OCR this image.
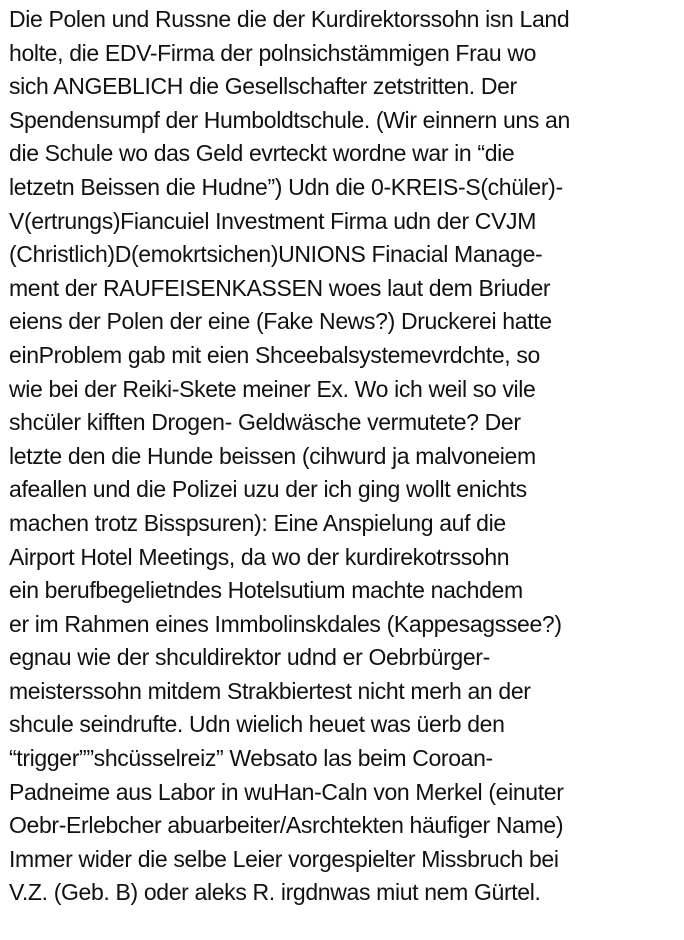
Die Polen und Russne die der Kurdirektorssohn isn Land
holte, die EDV-Firma der polnsichstämmigen Frau wo
sich ANGEBLICH die Gesellschafter zetstritten. Der
Spendensumpf der Humboldtschule. (Wir einnern uns an
die Schule wo das Geld evrteckt wordne war in “die
letzetn Beissen die Hudne”) Udn die 0-KREIS-S(chüler)-
V(ertrungs)Fiancuiel Investment Firma udn der CVJM
(Christlich)D(emokrtsichen)UNIONS Finacial Manage-
ment der RAUFEISENKASSEN woes laut dem Briuder
eiens der Polen der eine (Fake News?) Druckerei hatte
einProblem gab mit eien Shceebalsystemevrdchte, so
wie bei der Reiki-Skete meiner Ex. Wo ich weil so vile
shcüler kifften Drogen- Geldwäsche vermutete? Der
letzte den die Hunde beissen (cihwurd ja malvoneiem
afeallen und die Polizei uzu der ich ging wollt enichts
machen trotz Bisspsuren): Eine Anspielung auf die
Airport Hotel Meetings, da wo der kurdirekotrssohn
ein berufbegelietndes Hotelsutium machte nachdem
er im Rahmen eines Immbolinskdales (Kappesagssee?)
egnau wie der shculdirektor udnd er Oebrbürger-
meisterssohn mitdem Strakbiertest nicht merh an der
shcule seindrufte. Udn wielich heuet was üerb den
“trigger””shcüsselreiz” Websato las beim Coroan-
Padneime aus Labor in wuHan-Caln von Merkel (einuter
Oebr-Erlebcher abuarbeiter/Asrchtekten häufiger Name)
Immer wider die selbe Leier vorgespielter Missbruch bei
V.Z. (Geb. B) oder aleks R. irgdnwas miut nem Gürtel.
